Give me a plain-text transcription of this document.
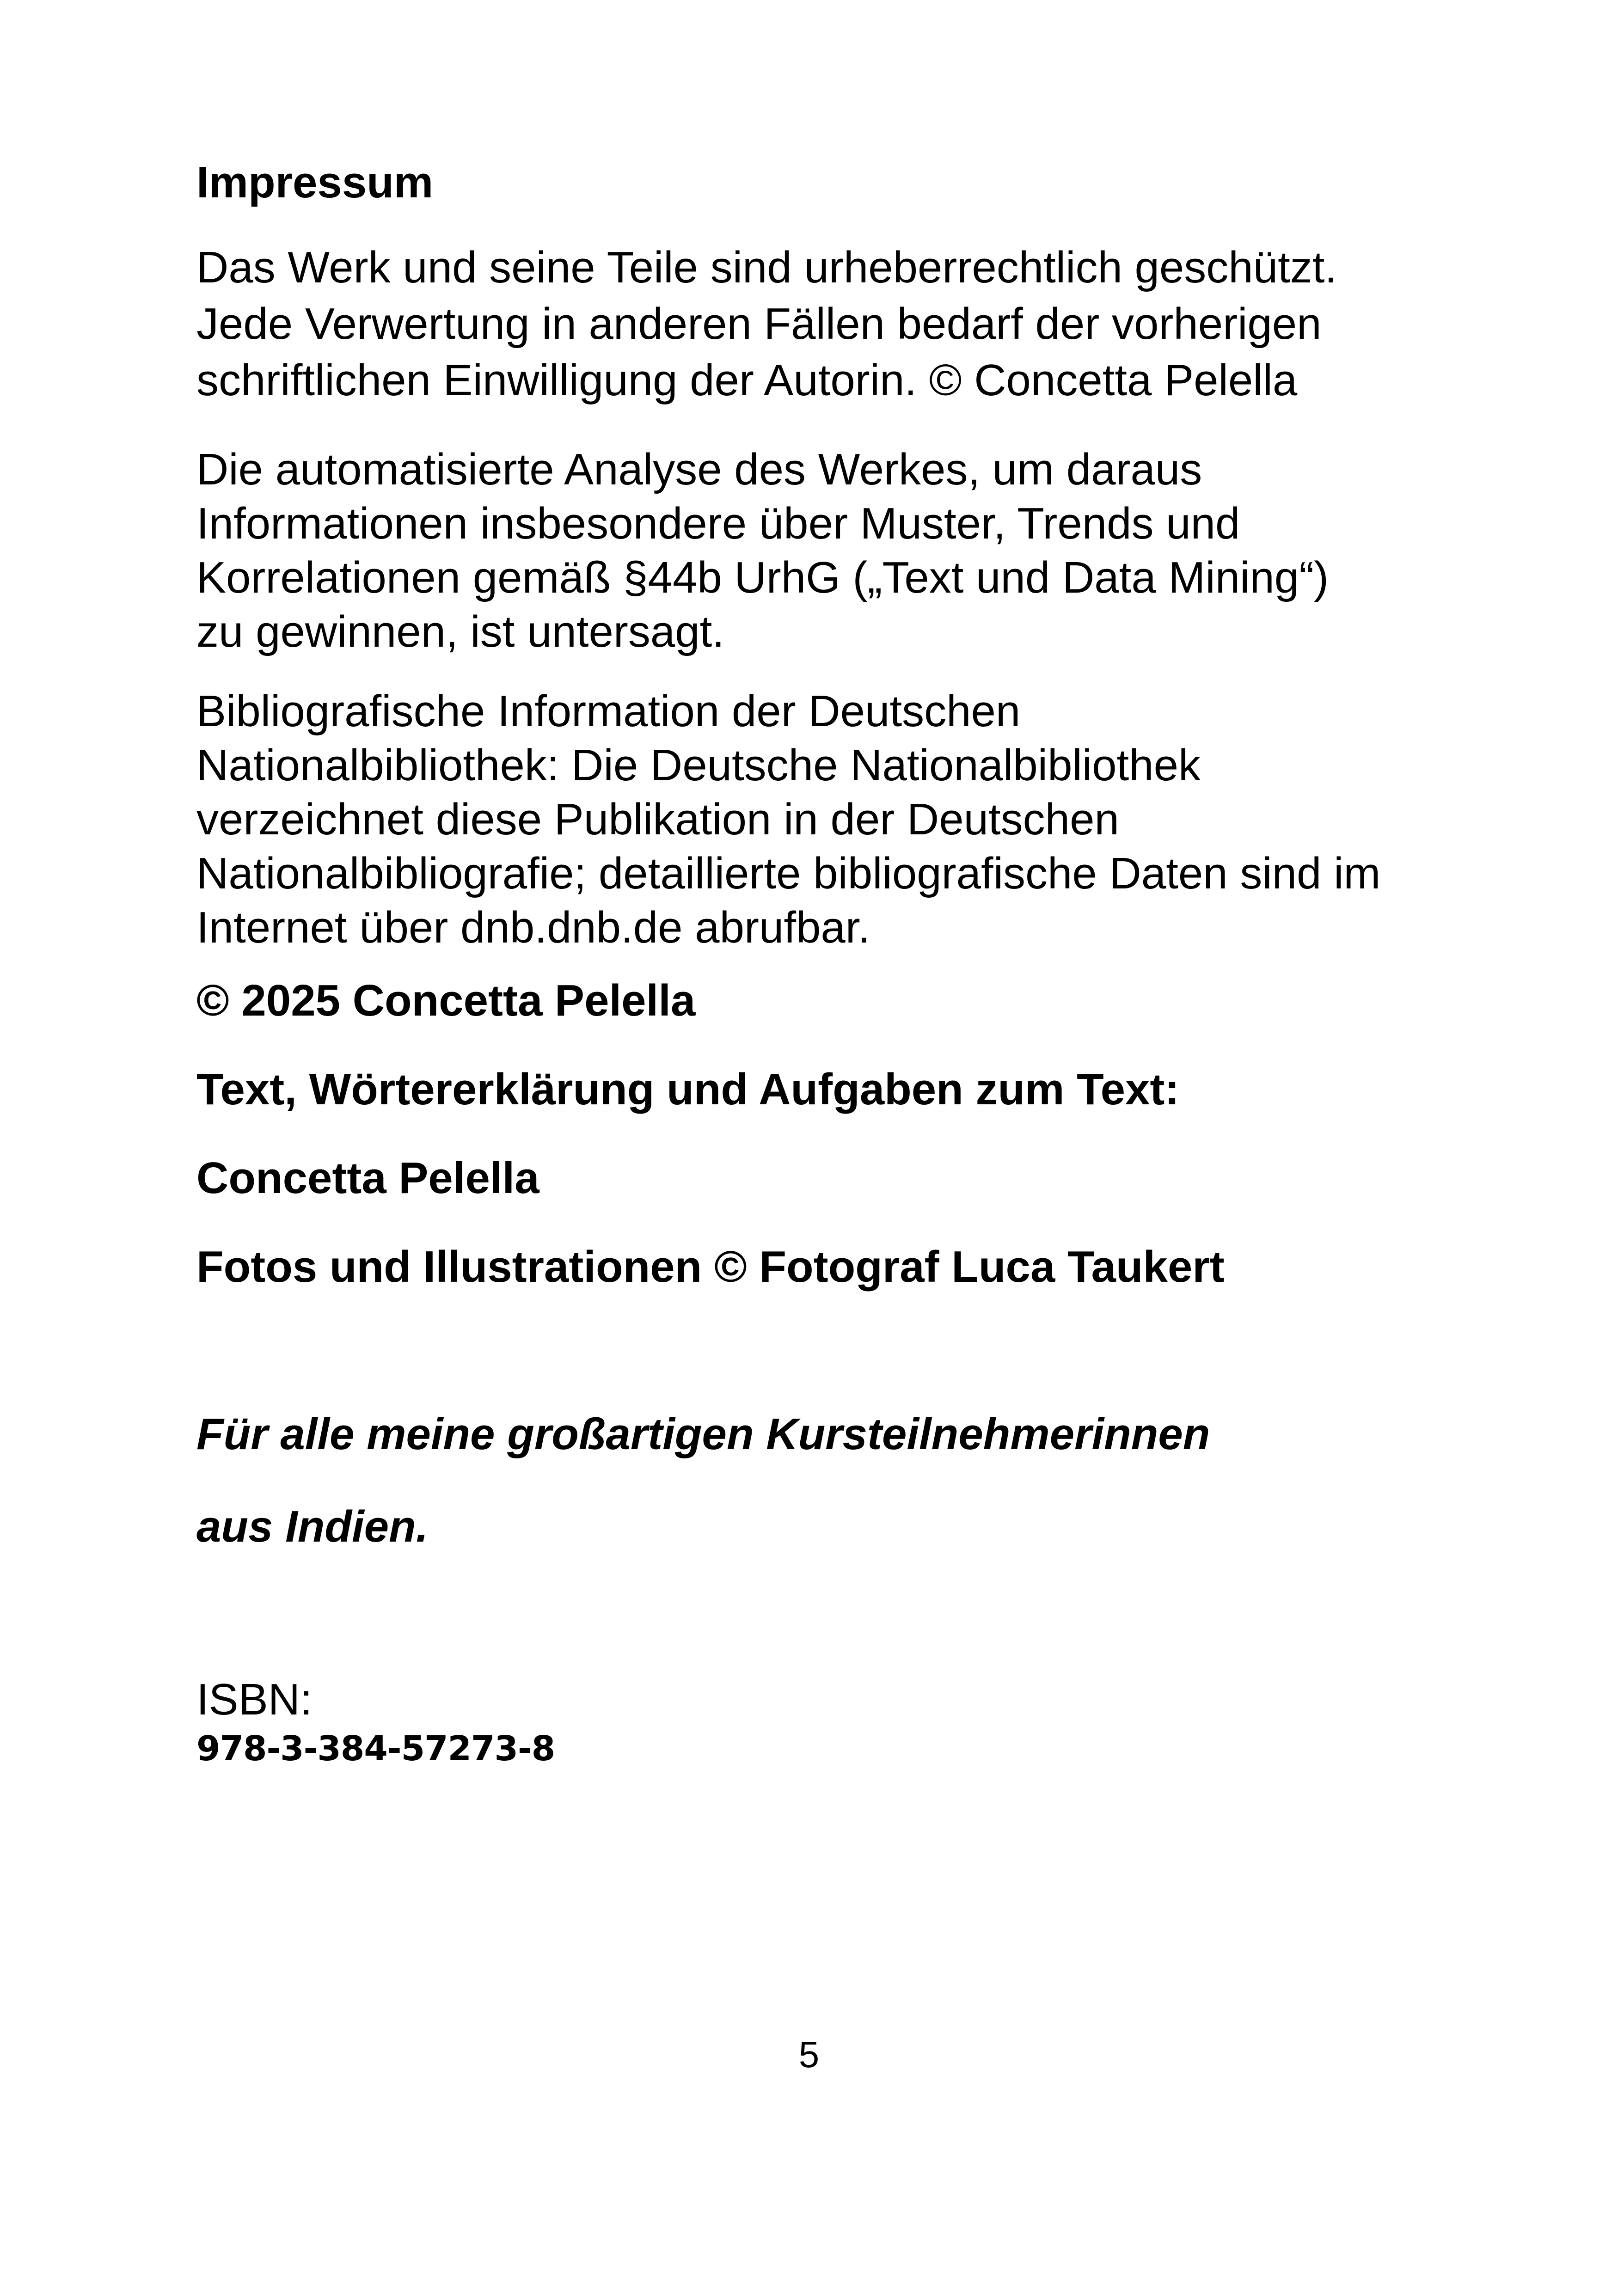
Impressum

Das Werk und seine Teile sind urheberrechtlich geschützt.
Jede Verwertung in anderen Fällen bedarf der vorherigen
schriftlichen Einwilligung der Autorin. © Concetta Pelella

Die automatisierte Analyse des Werkes, um daraus
Informationen insbesondere über Muster, Trends und
Korrelationen gemäß §44b UrhG („Text und Data Mining“)
zu gewinnen, ist untersagt.

Bibliografische Information der Deutschen
Nationalbibliothek: Die Deutsche Nationalbibliothek
verzeichnet diese Publikation in der Deutschen
Nationalbibliografie; detaillierte bibliografische Daten sind im
Internet über dnb.dnb.de abrufbar.

© 2025 Concetta Pelella
Text, Wörtererklärung und Aufgaben zum Text:
Concetta Pelella
Fotos und Illustrationen © Fotograf Luca Taukert
Für alle meine großartigen Kursteilnehmerinnen
aus Indien.
ISBN:
978-3-384-57273-8
5
